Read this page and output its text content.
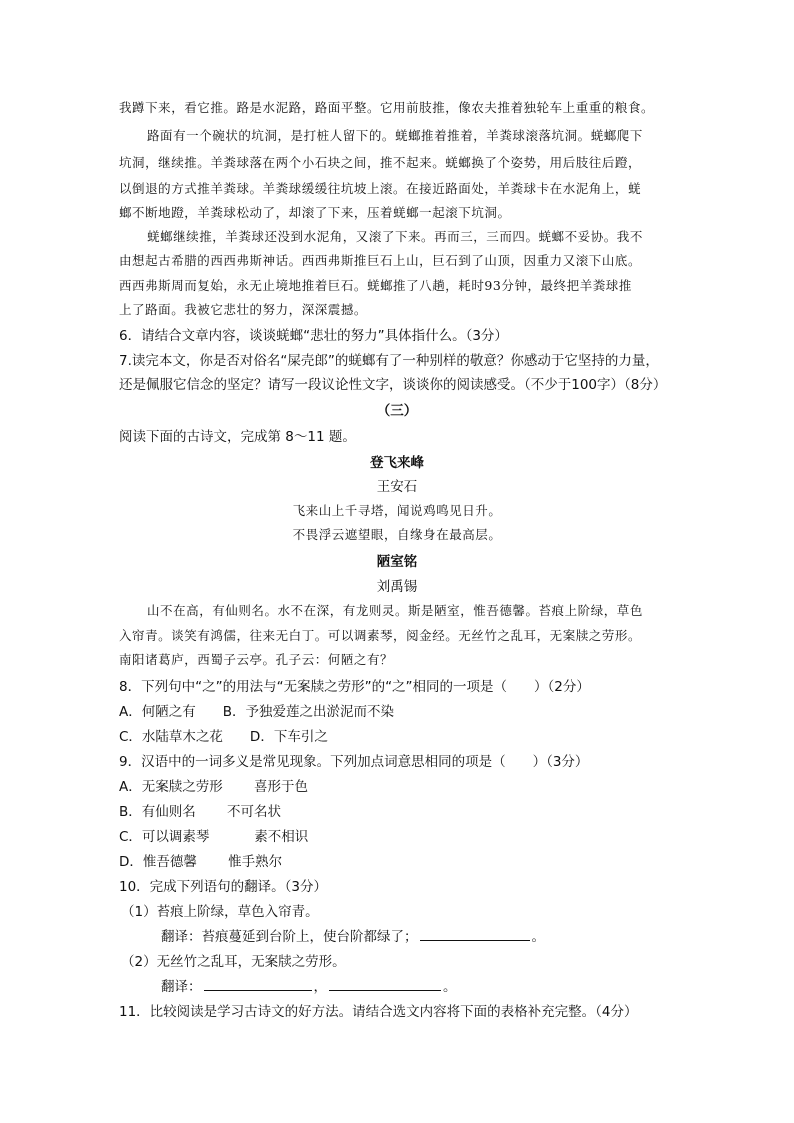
我蹲下来，看它推。路是水泥路，路面平整。它用前肢推，像农夫推着独轮车上重重的粮食。
路面有一个碗状的坑洞，是打桩人留下的。蜣螂推着推着，羊粪球滚落坑洞。蜣螂爬下
坑洞，继续推。羊粪球落在两个小石块之间，推不起来。蜣螂换了个姿势，用后肢往后蹬，
以倒退的方式推羊粪球。羊粪球缓缓往坑坡上滚。在接近路面处，羊粪球卡在水泥角上，蜣
螂不断地蹬，羊粪球松动了，却滚了下来，压着蜣螂一起滚下坑洞。
蜣螂继续推，羊粪球还没到水泥角，又滚了下来。再而三，三而四。蜣螂不妥协。我不
由想起古希腊的西西弗斯神话。西西弗斯推巨石上山，巨石到了山顶，因重力又滚下山底。
西西弗斯周而复始，永无止境地推着巨石。蜣螂推了八趟，耗时93分钟，最终把羊粪球推
上了路面。我被它悲壮的努力，深深震撼。
6．请结合文章内容，谈谈蜣螂“悲壮的努力”具体指什么。（3分）
7.读完本文，你是否对俗名“屎壳郎”的蜣螂有了一种别样的敬意？你感动于它坚持的力量，
还是佩服它信念的坚定？请写一段议论性文字，谈谈你的阅读感受。（不少于100字）（8分）
（三）
阅读下面的古诗文，完成第 8～11 题。
登飞来峰
王安石
飞来山上千寻塔，闻说鸡鸣见日升。
不畏浮云遮望眼，自缘身在最高层。
陋室铭
刘禹锡
山不在高，有仙则名。水不在深，有龙则灵。斯是陋室，惟吾德馨。苔痕上阶绿，草色
入帘青。谈笑有鸿儒，往来无白丁。可以调素琴，阅金经。无丝竹之乱耳，无案牍之劳形。
南阳诸葛庐，西蜀子云亭。孔子云：何陋之有？
8．下列句中“之”的用法与“无案牍之劳形”的“之”相同的一项是（　　）（2分）
A．何陋之有　　B．予独爱莲之出淤泥而不染
C．水陆草木之花　　D．下车引之
9．汉语中的一词多义是常见现象。下列加点词意思相同的项是（　　）（3分）
A．无案牍之劳形　　 喜形于色
B．有仙则名　　 不可名状
C．可以调素琴　　　 素不相识
D．惟吾德馨　　 惟手熟尔
10．完成下列语句的翻译。（3分）
（1）苔痕上阶绿，草色入帘青。
翻译：苔痕蔓延到台阶上，使台阶都绿了；	。
（2）无丝竹之乱耳，无案牍之劳形。
翻译：	，	。
11．比较阅读是学习古诗文的好方法。请结合选文内容将下面的表格补充完整。（4分）
